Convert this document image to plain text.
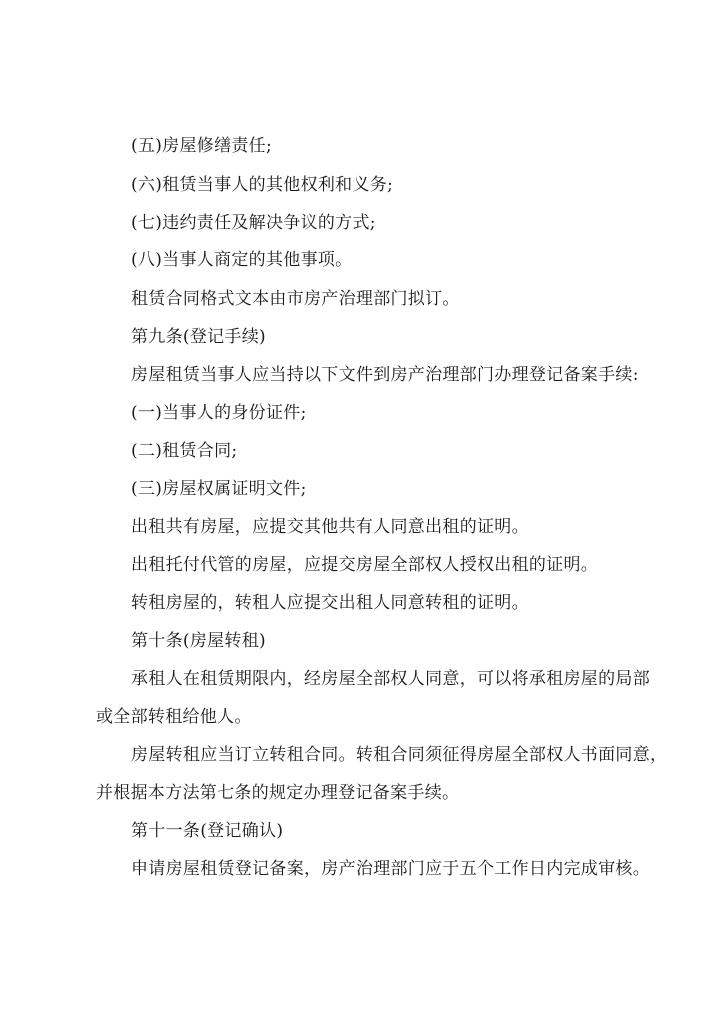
(五)房屋修缮责任;
(六)租赁当事人的其他权利和义务;
(七)违约责任及解决争议的方式;
(八)当事人商定的其他事项。
租赁合同格式文本由市房产治理部门拟订。
第九条(登记手续)
房屋租赁当事人应当持以下文件到房产治理部门办理登记备案手续:
(一)当事人的身份证件;
(二)租赁合同;
(三)房屋权属证明文件;
出租共有房屋，应提交其他共有人同意出租的证明。
出租托付代管的房屋，应提交房屋全部权人授权出租的证明。
转租房屋的，转租人应提交出租人同意转租的证明。
第十条(房屋转租)
承租人在租赁期限内，经房屋全部权人同意，可以将承租房屋的局部
或全部转租给他人。
房屋转租应当订立转租合同。转租合同须征得房屋全部权人书面同意，
并根据本方法第七条的规定办理登记备案手续。
第十一条(登记确认)
申请房屋租赁登记备案，房产治理部门应于五个工作日内完成审核。
